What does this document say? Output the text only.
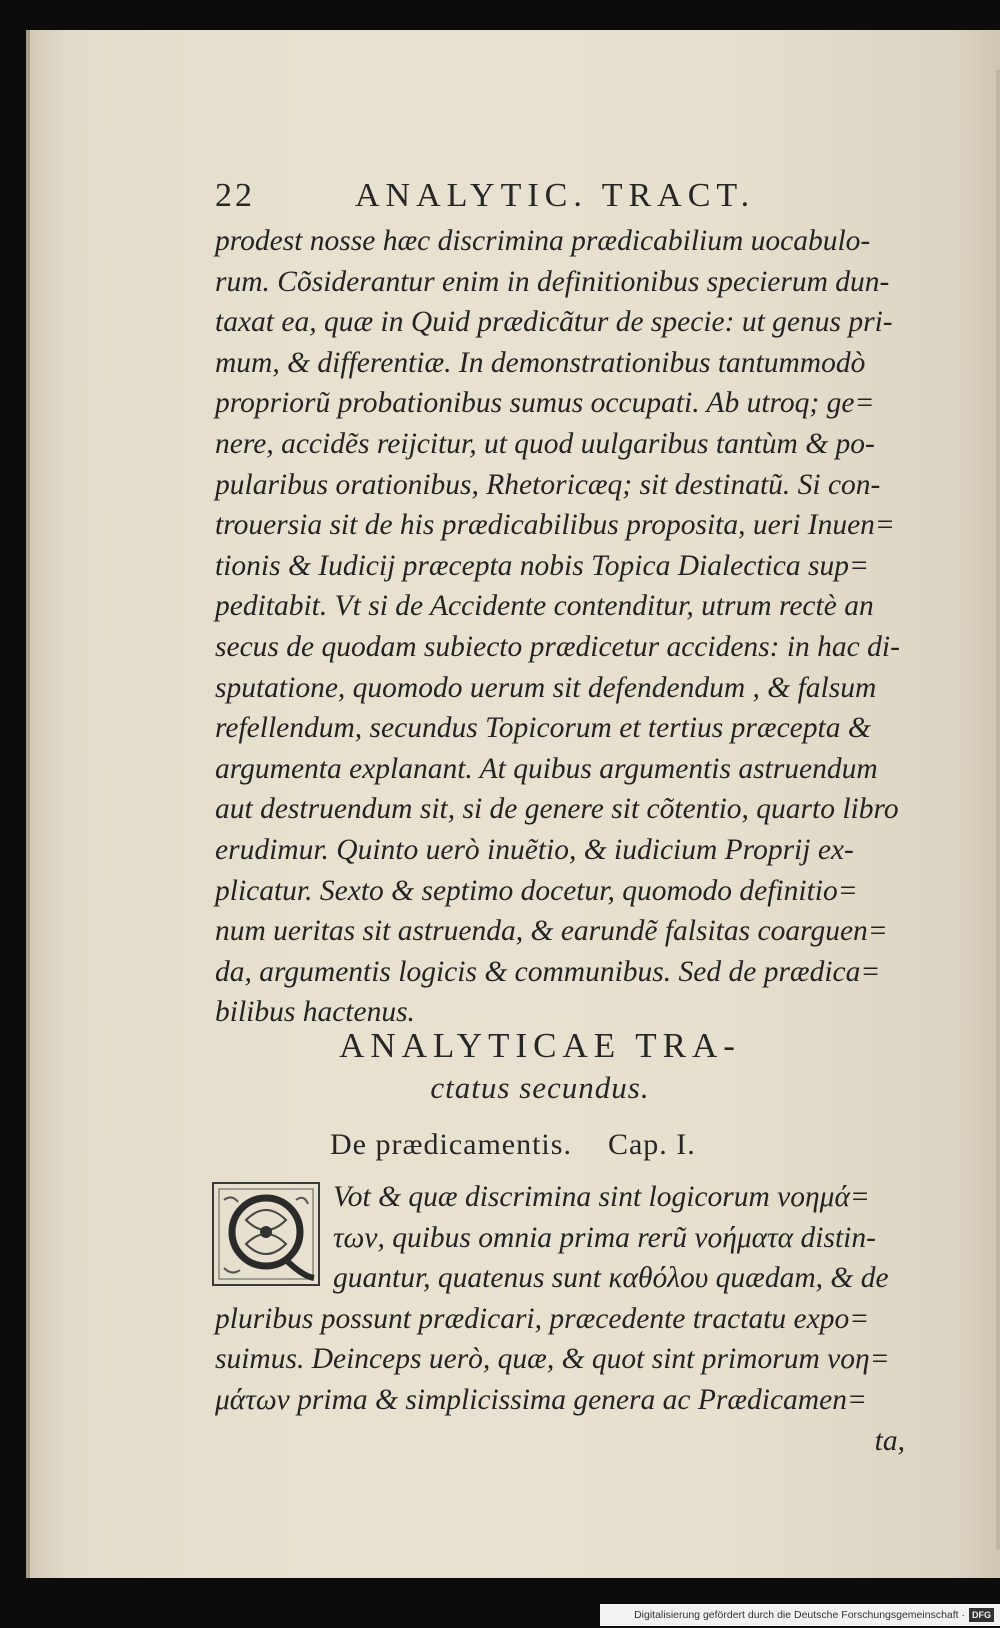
22	ANALYTIC. TRACT.
prodest nosse hæc discrimina prædicabilium uocabulo-
rum. Cõsiderantur enim in definitionibus specierum dun-
taxat ea, quæ in Quid prædicãtur de specie: ut genus pri-
mum, & differentiæ. In demonstrationibus tantummodò
propriorũ probationibus sumus occupati. Ab utroq; ge=
nere, accidẽs reijcitur, ut quod uulgaribus tantùm & po-
pularibus orationibus, Rhetoricæq; sit destinatũ. Si con-
trouersia sit de his prædicabilibus proposita, ueri Inuen=
tionis & Iudicij præcepta nobis Topica Dialectica sup=
peditabit. Vt si de Accidente contenditur, utrum rectè an
secus de quodam subiecto prædicetur accidens: in hac di-
sputatione, quomodo uerum sit defendendum , & falsum
refellendum, secundus Topicorum et tertius præcepta &
argumenta explanant. At quibus argumentis astruendum
aut destruendum sit, si de genere sit cõtentio, quarto libro
erudimur. Quinto uerò inuẽtio, & iudicium Proprij ex-
plicatur. Sexto & septimo docetur, quomodo definitio=
num ueritas sit astruenda, & earundẽ falsitas coarguen=
da, argumentis logicis & communibus. Sed de prædica=
bilibus hactenus.
ANALYTICAE TRA-
ctatus secundus.
De prædicamentis. Cap. I.
Vot & quæ discrimina sint logicorum νοημά=
των, quibus omnia prima rerũ νοήματα distin-
guantur, quatenus sunt καθόλου quædam, & de
pluribus possunt prædicari, præcedente tractatu expo=
suimus. Deinceps uerò, quæ, & quot sint primorum νοη=
μάτων prima & simplicissima genera ac Prædicamen=
ta,
Digitalisierung gefördert durch die Deutsche Forschungsgemeinschaft · DFG
